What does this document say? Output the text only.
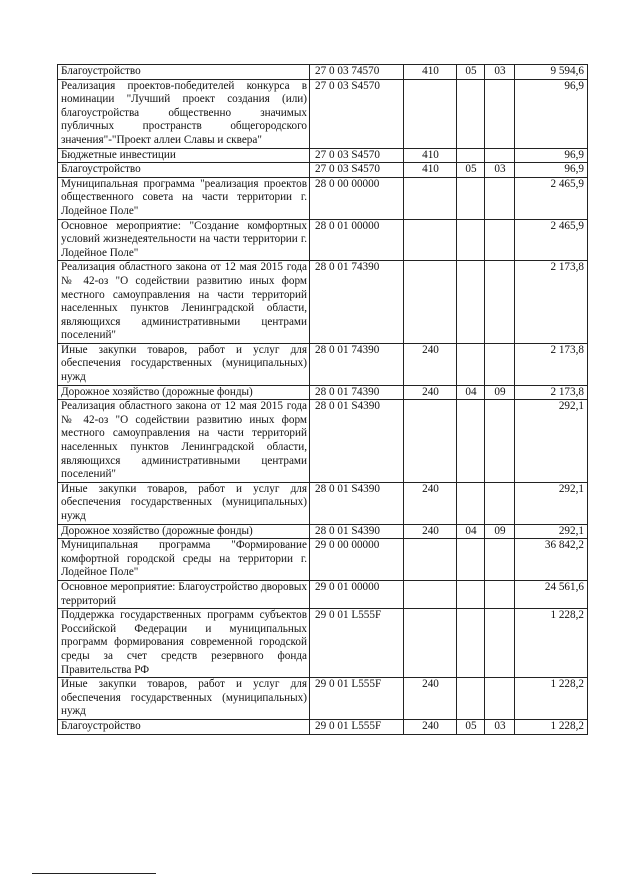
Благоустройство	27 0 03 74570	410	05	03	9 594,6
Реализация проектов-победителей конкурса в номинации "Лучший проект создания (или) благоустройства общественно значимых публичных пространств общегородского значения"-"Проект аллеи Славы и сквера"	27 0 03 S4570				96,9
Бюджетные инвестиции	27 0 03 S4570	410			96,9
Благоустройство	27 0 03 S4570	410	05	03	96,9
Муниципальная программа "реализация проектов общественного совета на части территории г. Лодейное Поле"	28 0 00 00000				2 465,9
Основное мероприятие: "Создание комфортных условий жизнедеятельности на части территории г. Лодейное Поле"	28 0 01 00000				2 465,9
Реализация областного закона от 12 мая 2015 года № 42-оз "О содействии развитию иных форм местного самоуправления на части территорий населенных пунктов Ленинградской области, являющихся административными центрами поселений"	28 0 01 74390				2 173,8
Иные закупки товаров, работ и услуг для обеспечения государственных (муниципальных) нужд	28 0 01 74390	240			2 173,8
Дорожное хозяйство (дорожные фонды)	28 0 01 74390	240	04	09	2 173,8
Реализация областного закона от 12 мая 2015 года № 42-оз "О содействии развитию иных форм местного самоуправления на части территорий населенных пунктов Ленинградской области, являющихся административными центрами поселений"	28 0 01 S4390				292,1
Иные закупки товаров, работ и услуг для обеспечения государственных (муниципальных) нужд	28 0 01 S4390	240			292,1
Дорожное хозяйство (дорожные фонды)	28 0 01 S4390	240	04	09	292,1
Муниципальная программа "Формирование комфортной городской среды на территории г. Лодейное Поле"	29 0 00 00000				36 842,2
Основное мероприятие: Благоустройство дворовых территорий	29 0 01 00000				24 561,6
Поддержка государственных программ субъектов Российской Федерации и муниципальных программ формирования современной городской среды за счет средств резервного фонда Правительства РФ	29 0 01 L555F				1 228,2
Иные закупки товаров, работ и услуг для обеспечения государственных (муниципальных) нужд	29 0 01 L555F	240			1 228,2
Благоустройство	29 0 01 L555F	240	05	03	1 228,2
